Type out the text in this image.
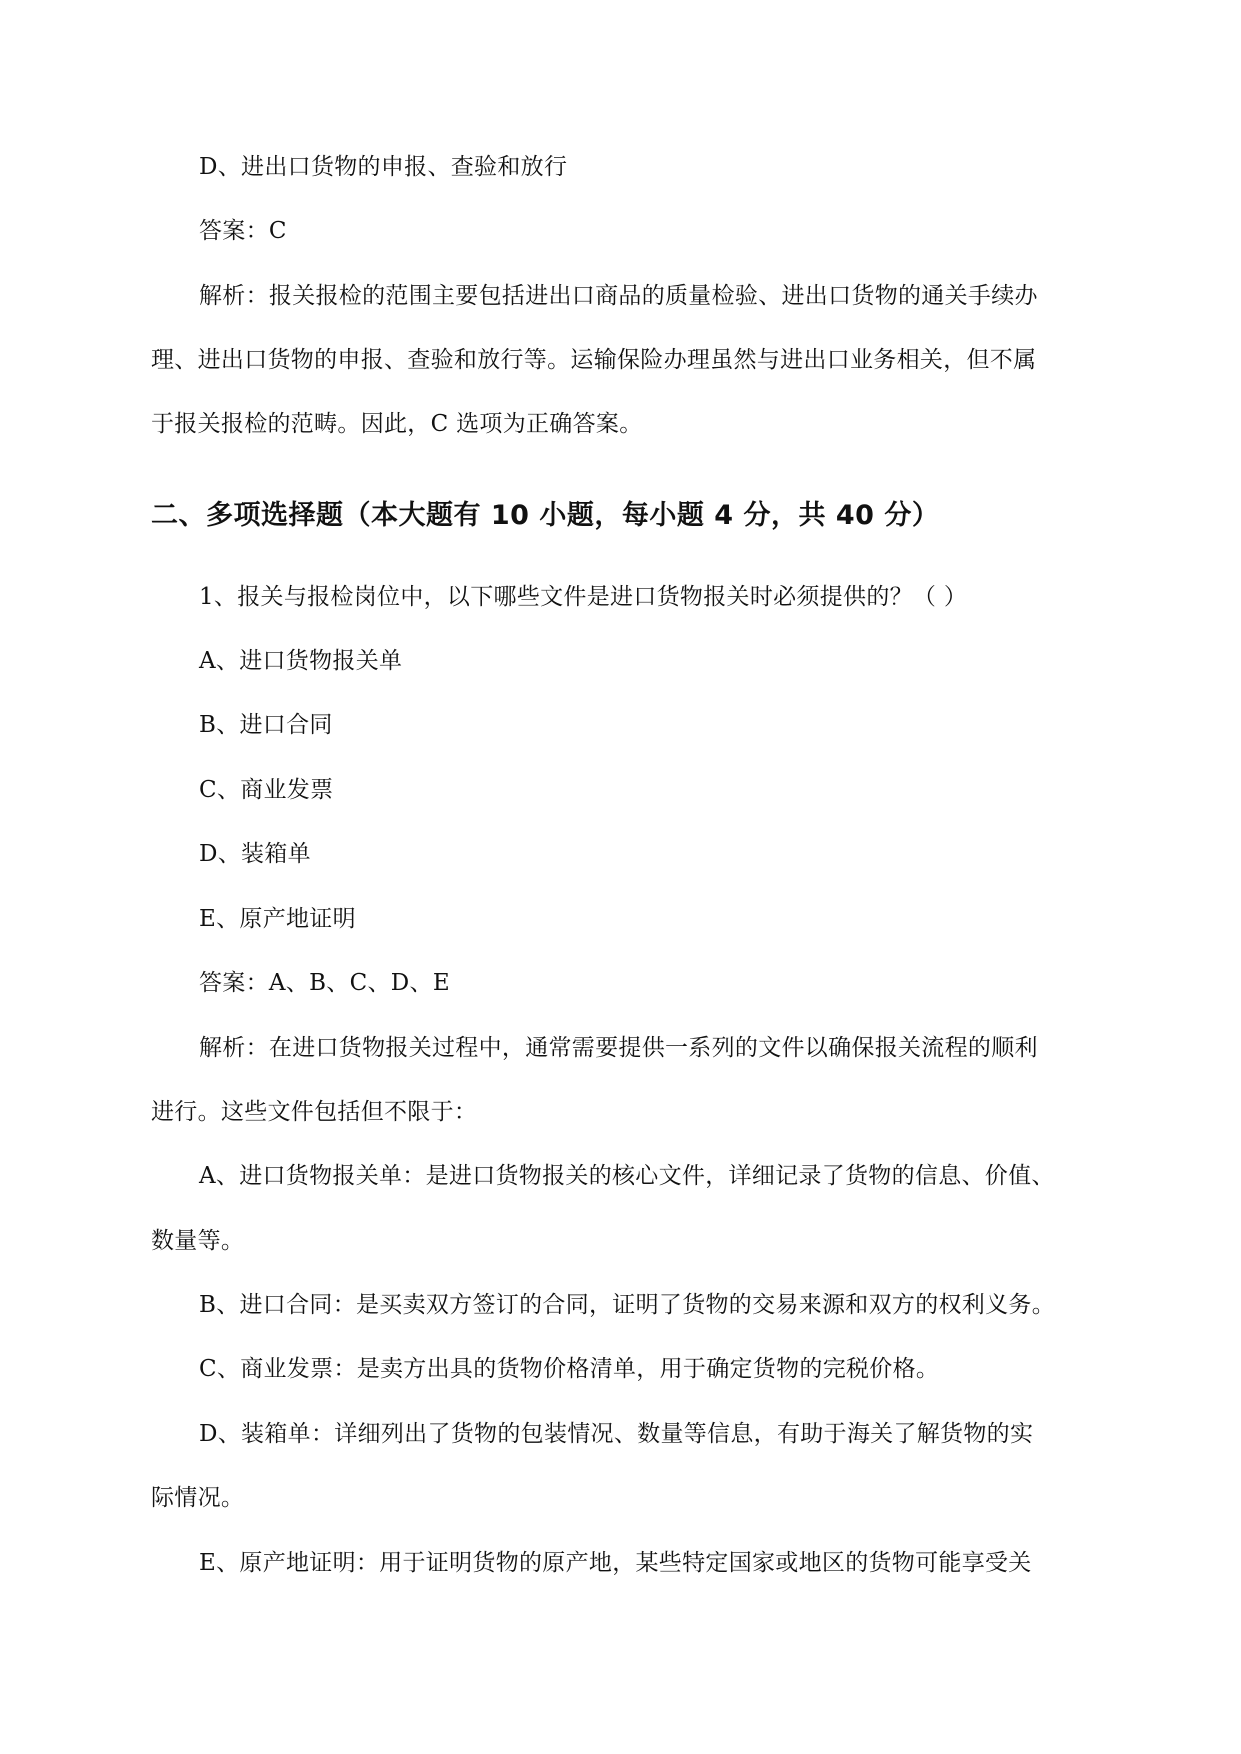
D、进出口货物的申报、查验和放行
答案：C
解析：报关报检的范围主要包括进出口商品的质量检验、进出口货物的通关手续办
理、进出口货物的申报、查验和放行等。运输保险办理虽然与进出口业务相关，但不属
于报关报检的范畴。因此，C 选项为正确答案。
二、多项选择题（本大题有 10 小题，每小题 4 分，共 40 分）
1、报关与报检岗位中，以下哪些文件是进口货物报关时必须提供的？（ ）
A、进口货物报关单
B、进口合同
C、商业发票
D、装箱单
E、原产地证明
答案：A、B、C、D、E
解析：在进口货物报关过程中，通常需要提供一系列的文件以确保报关流程的顺利
进行。这些文件包括但不限于：
A、进口货物报关单：是进口货物报关的核心文件，详细记录了货物的信息、价值、
数量等。
B、进口合同：是买卖双方签订的合同，证明了货物的交易来源和双方的权利义务。
C、商业发票：是卖方出具的货物价格清单，用于确定货物的完税价格。
D、装箱单：详细列出了货物的包装情况、数量等信息，有助于海关了解货物的实
际情况。
E、原产地证明：用于证明货物的原产地，某些特定国家或地区的货物可能享受关
